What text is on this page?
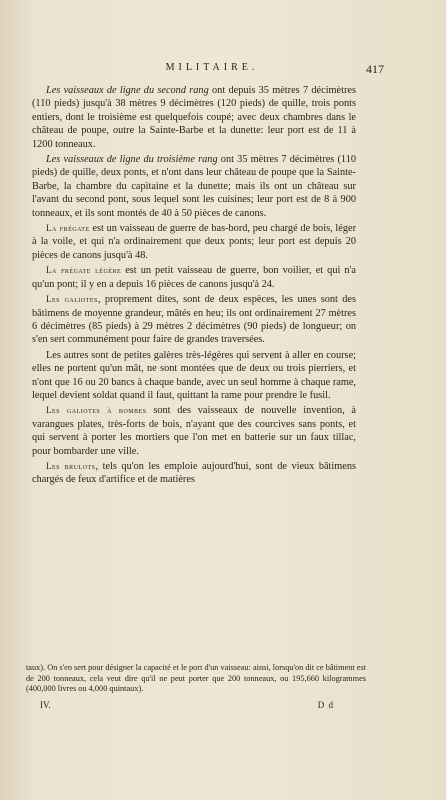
MILITAIRE.	417

Les vaisseaux de ligne du second rang ont depuis 35 mètres 7 décimètres (110 pieds) jusqu'à 38 mètres 9 décimètres (120 pieds) de quille, trois ponts entiers, dont le troisième est quelquefois coupé; avec deux chambres dans le château de poupe, outre la Sainte-Barbe et la dunette: leur port est de 11 à 1200 tonneaux.

Les vaisseaux de ligne du troisième rang ont 35 mètres 7 décimètres (110 pieds) de quille, deux ponts, et n'ont dans leur château de poupe que la Sainte-Barbe, la chambre du capitaine et la dunette; mais ils ont un château sur l'avant du second pont, sous lequel sont les cuisines; leur port est de 8 à 900 tonneaux, et ils sont montés de 40 à 50 pièces de canons.

La frégate est un vaisseau de guerre de bas-bord, peu chargé de bois, léger à la voile, et qui n'a ordinairement que deux ponts; leur port est depuis 20 pièces de canons jusqu'à 48.

La frégate légère est un petit vaisseau de guerre, bon voilier, et qui n'a qu'un pont; il y en a depuis 16 pièces de canons jusqu'à 24.

Les galiotes, proprement dites, sont de deux espèces, les unes sont des bâtimens de moyenne grandeur, mâtés en heu; ils ont ordinairement 27 mètres 6 décimètres (85 pieds) à 29 mètres 2 décimètres (90 pieds) de longueur; on s'en sert communément pour faire de grandes traversées.

Les autres sont de petites galères très-légères qui servent à aller en course; elles ne portent qu'un mât, ne sont montées que de deux ou trois pierriers, et n'ont que 16 ou 20 bancs à chaque bande, avec un seul homme à chaque rame, lequel devient soldat quand il faut, quittant la rame pour prendre le fusil.

Les galiotes à bombes sont des vaisseaux de nouvelle invention, à varangues plates, très-forts de bois, n'ayant que des courcives sans ponts, et qui servent à porter les mortiers que l'on met en batterie sur un faux tillac, pour bombarder une ville.

Les brulots, tels qu'on les emploie aujourd'hui, sont de vieux bâtimens chargés de feux d'artifice et de matières

taux). On s'en sert pour désigner la capacité et le port d'un vaisseau: ainsi, lorsqu'on dit ce bâtiment est de 200 tonneaux, cela veut dire qu'il ne peut porter que 200 tonneaux, ou 195,660 kilogrammes (400,000 livres ou 4,000 quintaux).
IV.	D d
